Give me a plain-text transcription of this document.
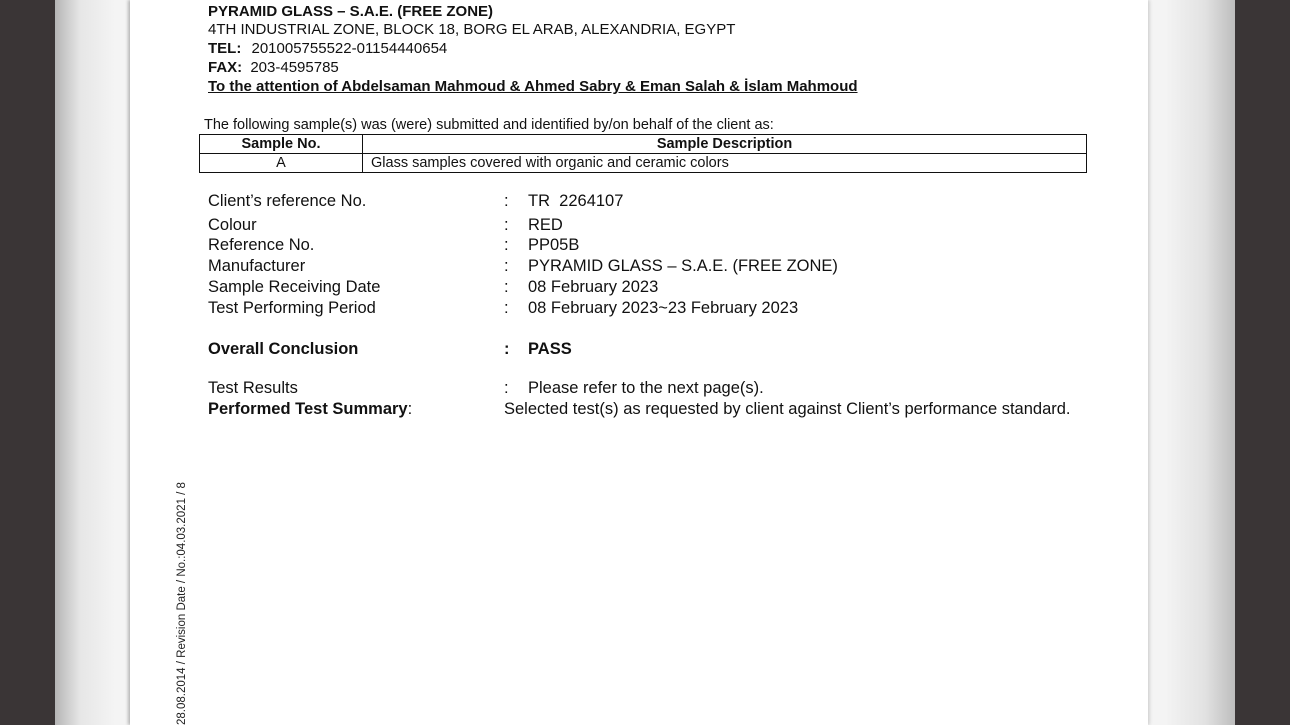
PYRAMID GLASS – S.A.E. (FREE ZONE)
4TH INDUSTRIAL ZONE, BLOCK 18, BORG EL ARAB, ALEXANDRIA, EGYPT
TEL: 201005755522-01154440654
FAX: 203-4595785
To the attention of Abdelsaman Mahmoud & Ahmed Sabry & Eman Salah & İslam Mahmoud
The following sample(s) was (were) submitted and identified by/on behalf of the client as:
Sample No.	Sample Description
A	Glass samples covered with organic and ceramic colors
Client’s reference No.	: TR  2264107
Colour	: RED
Reference No.	: PP05B
Manufacturer	: PYRAMID GLASS – S.A.E. (FREE ZONE)
Sample Receiving Date	: 08 February 2023
Test Performing Period	: 08 February 2023~23 February 2023
Overall Conclusion	: PASS
Test Results	: Please refer to the next page(s).
Performed Test Summary:	Selected test(s) as requested by client against Client’s performance standard.
28.08.2014 / Revision Date / No.:04.03.2021 / 8
